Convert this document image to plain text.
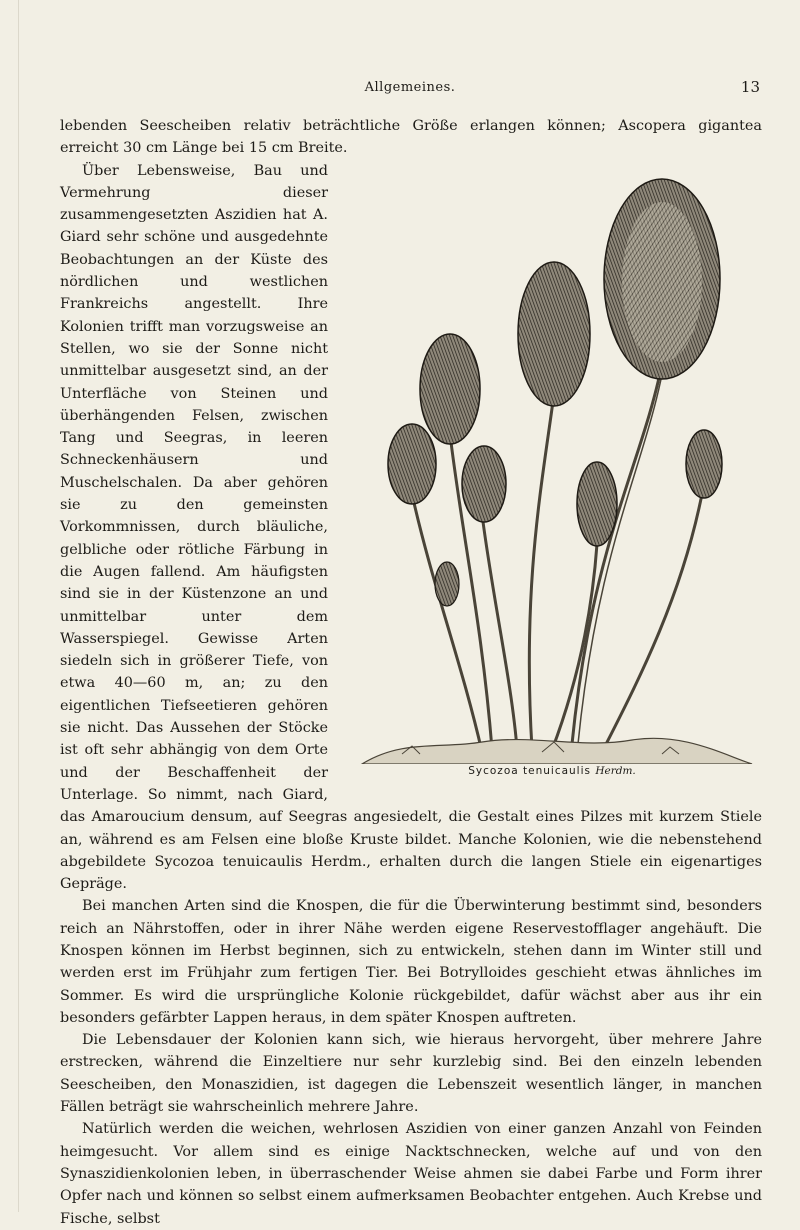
Allgemeines.	13

lebenden Seescheiben relativ beträchtliche Größe erlangen können; Ascopera gigantea erreicht 30 cm Länge bei 15 cm Breite.

Sycozoa tenuicaulis Herdm.

Über Lebensweise, Bau und Vermehrung dieser zusammengesetzten Aszidien hat A. Giard sehr schöne und ausgedehnte Beobachtungen an der Küste des nördlichen und westlichen Frankreichs angestellt. Ihre Kolonien trifft man vorzugsweise an Stellen, wo sie der Sonne nicht unmittelbar ausgesetzt sind, an der Unterfläche von Steinen und überhängenden Felsen, zwischen Tang und Seegras, in leeren Schneckenhäusern und Muschelschalen. Da aber gehören sie zu den gemeinsten Vorkommnissen, durch bläuliche, gelbliche oder rötliche Färbung in die Augen fallend. Am häufigsten sind sie in der Küstenzone an und unmittelbar unter dem Wasserspiegel. Gewisse Arten siedeln sich in größerer Tiefe, von etwa 40—60 m, an; zu den eigentlichen Tiefseetieren gehören sie nicht. Das Aussehen der Stöcke ist oft sehr abhängig von dem Orte und der Beschaffenheit der Unterlage. So nimmt, nach Giard, das Amaroucium densum, auf Seegras angesiedelt, die Gestalt eines Pilzes mit kurzem Stiele an, während es am Felsen eine bloße Kruste bildet. Manche Kolonien, wie die nebenstehend abgebildete Sycozoa tenuicaulis Herdm., erhalten durch die langen Stiele ein eigenartiges Gepräge.

Bei manchen Arten sind die Knospen, die für die Überwinterung bestimmt sind, besonders reich an Nährstoffen, oder in ihrer Nähe werden eigene Reservestofflager angehäuft. Die Knospen können im Herbst beginnen, sich zu entwickeln, stehen dann im Winter still und werden erst im Frühjahr zum fertigen Tier. Bei Botrylloides geschieht etwas ähnliches im Sommer. Es wird die ursprüngliche Kolonie rückgebildet, dafür wächst aber aus ihr ein besonders gefärbter Lappen heraus, in dem später Knospen auftreten.

Die Lebensdauer der Kolonien kann sich, wie hieraus hervorgeht, über mehrere Jahre erstrecken, während die Einzeltiere nur sehr kurzlebig sind. Bei den einzeln lebenden Seescheiben, den Monaszidien, ist dagegen die Lebenszeit wesentlich länger, in manchen Fällen beträgt sie wahrscheinlich mehrere Jahre.

Natürlich werden die weichen, wehrlosen Aszidien von einer ganzen Anzahl von Feinden heimgesucht. Vor allem sind es einige Nacktschnecken, welche auf und von den Synaszidienkolonien leben, in überraschender Weise ahmen sie dabei Farbe und Form ihrer Opfer nach und können so selbst einem aufmerksamen Beobachter entgehen. Auch Krebse und Fische, selbst
